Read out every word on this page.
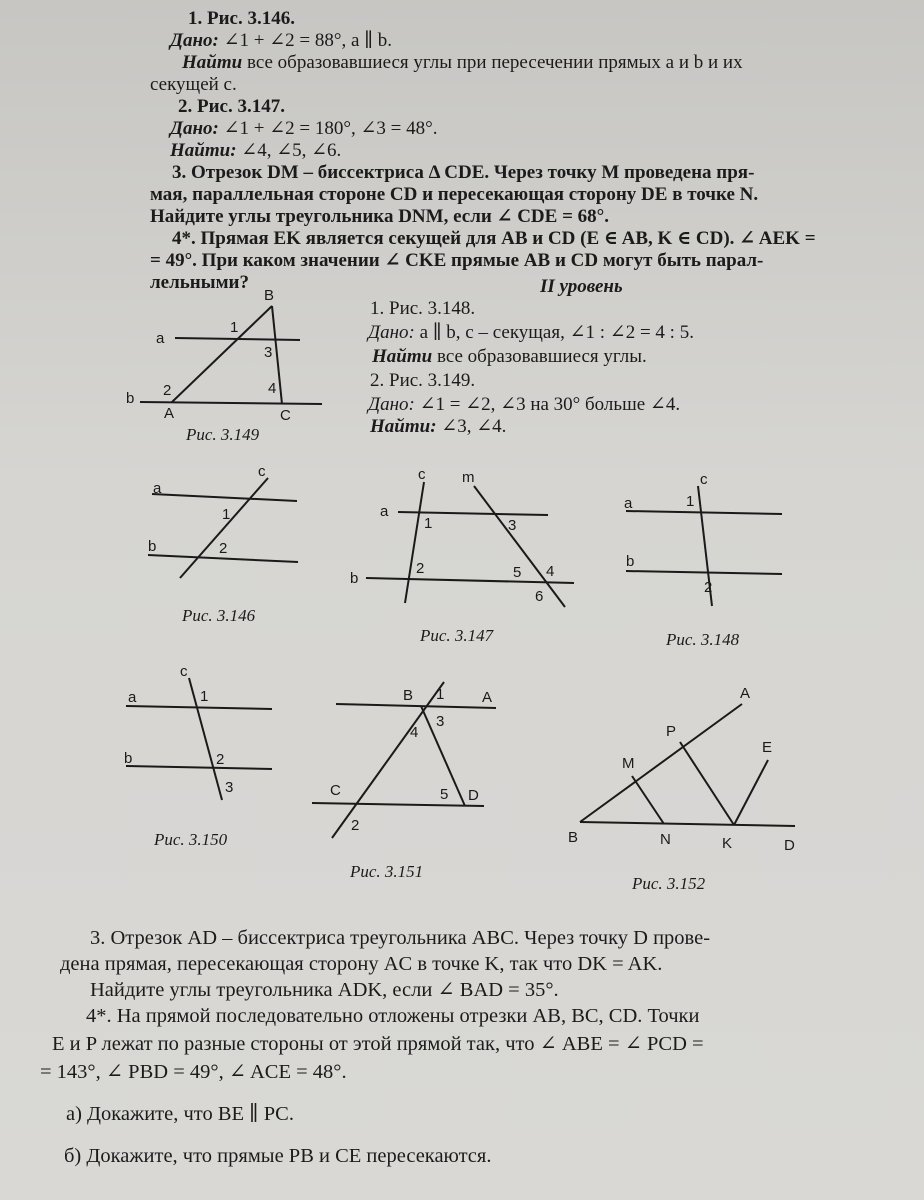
1. Рис. 3.146.
Дано: ∠1 + ∠2 = 88°, a ∥ b.
Найти все образовавшиеся углы при пересечении прямых a и b и их
секущей c.
2. Рис. 3.147.
Дано: ∠1 + ∠2 = 180°, ∠3 = 48°.
Найти: ∠4, ∠5, ∠6.
3. Отрезок DM – биссектриса Δ CDE. Через точку M проведена пря-
мая, параллельная стороне CD и пересекающая сторону DE в точке N.
Найдите углы треугольника DNM, если ∠ CDE = 68°.
4*. Прямая EK является секущей для AB и CD (E ∈ AB, K ∈ CD). ∠ AEK =
= 49°. При каком значении ∠ CKE прямые AB и CD могут быть парал-
лельными?	II уровень
1. Рис. 3.148.
Дано: a ∥ b, c – секущая, ∠1 : ∠2 = 4 : 5.
Найти все образовавшиеся углы.
2. Рис. 3.149.
Дано: ∠1 = ∠2, ∠3 на 30° больше ∠4.
Найти: ∠3, ∠4.
a
b
B
A	C
1
3
2	4
Рис. 3.149
a
b
c
1
2
Рис. 3.146
a
b
c m
1	3
2	5 4
6
Рис. 3.147
a
b
c
1
2
Рис. 3.148
a
b
c
1
2
3
Рис. 3.150
B	A
C	D
1
3
4
5
2
Рис. 3.151
A
P
E
M
B	N	K	D
Рис. 3.152
3. Отрезок AD – биссектриса треугольника ABC. Через точку D прове-
дена прямая, пересекающая сторону AC в точке K, так что DK = AK.
Найдите углы треугольника ADK, если ∠ BAD = 35°.
4*. На прямой последовательно отложены отрезки AB, BC, CD. Точки
E и P лежат по разные стороны от этой прямой так, что ∠ ABE = ∠ PCD =
= 143°, ∠ PBD = 49°, ∠ ACE = 48°.
а) Докажите, что BE ∥ PC.
б) Докажите, что прямые PB и CE пересекаются.
